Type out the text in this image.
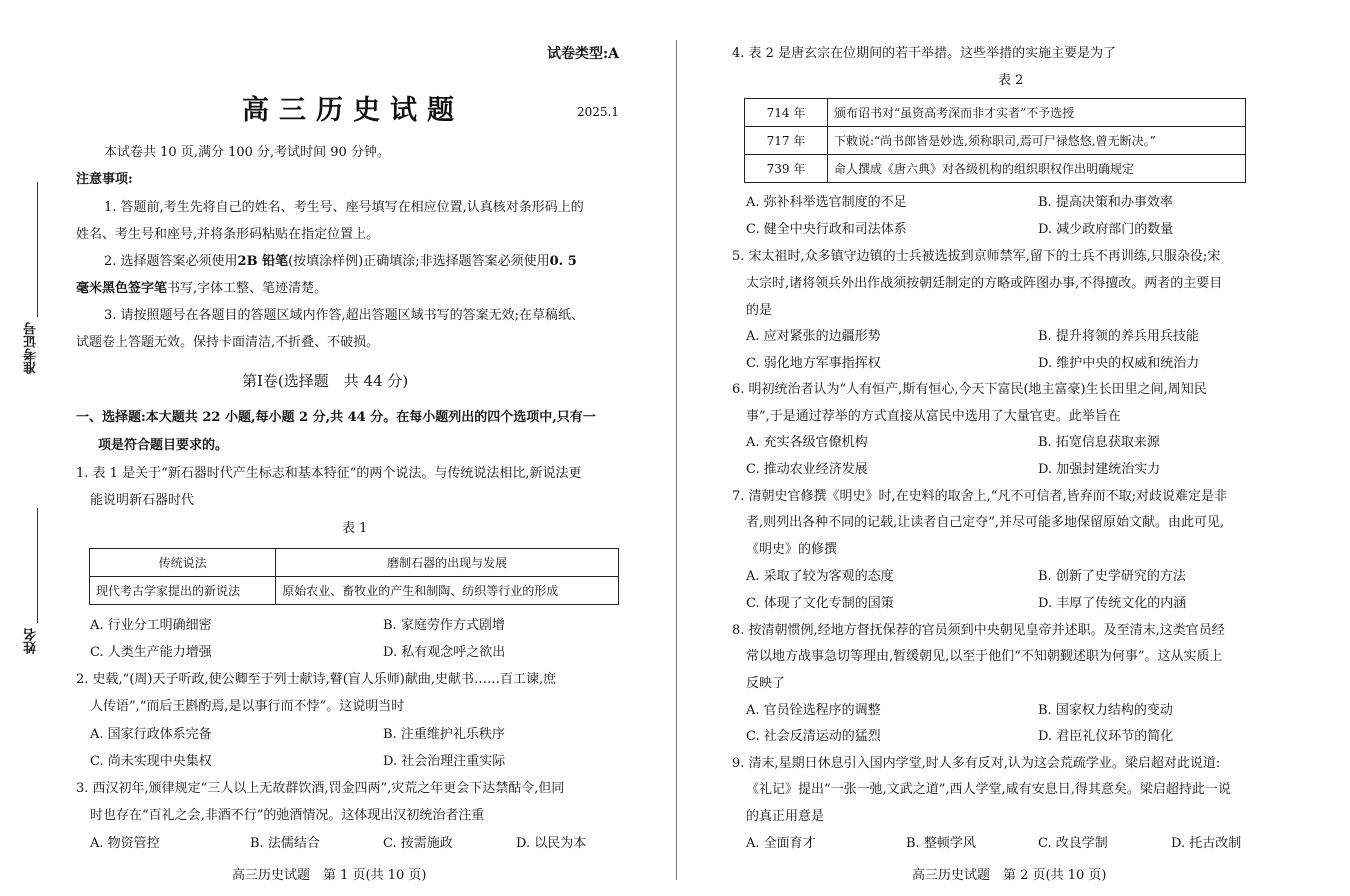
准考证号
姓名
试卷类型:A
高三历史试题	2025.1
本试卷共 10 页,满分 100 分,考试时间 90 分钟。
注意事项:
1. 答题前,考生先将自己的姓名、考生号、座号填写在相应位置,认真核对条形码上的
姓名、考生号和座号,并将条形码粘贴在指定位置上。
2. 选择题答案必须使用2B 铅笔(按填涂样例)正确填涂;非选择题答案必须使用0. 5
毫米黑色签字笔书写,字体工整、笔迹清楚。
3. 请按照题号在各题目的答题区域内作答,超出答题区域书写的答案无效;在草稿纸、
试题卷上答题无效。保持卡面清洁,不折叠、不破损。
第Ⅰ卷(选择题　共 44 分)
一、选择题:本大题共 22 小题,每小题 2 分,共 44 分。在每小题列出的四个选项中,只有一
项是符合题目要求的。
1. 表 1 是关于“新石器时代产生标志和基本特征”的两个说法。与传统说法相比,新说法更
能说明新石器时代
表 1
传统说法	磨制石器的出现与发展
现代考古学家提出的新说法	原始农业、畜牧业的产生和制陶、纺织等行业的形成
A. 行业分工明确细密	B. 家庭劳作方式剧增
C. 人类生产能力增强	D. 私有观念呼之欲出
2. 史载,“(周)天子听政,使公卿至于列士献诗,瞽(盲人乐师)献曲,史献书……百工谏,庶
人传语”,“而后王斟酌焉,是以事行而不悖”。这说明当时
A. 国家行政体系完备	B. 注重维护礼乐秩序
C. 尚未实现中央集权	D. 社会治理注重实际
3. 西汉初年,颁律规定“三人以上无故群饮酒,罚金四两”,灾荒之年更会下达禁酤令,但同
时也存在“百礼之会,非酒不行”的弛酒情况。这体现出汉初统治者注重
A. 物资管控	B. 法儒结合	C. 按需施政	D. 以民为本
高三历史试题　第 1 页(共 10 页)
4. 表 2 是唐玄宗在位期间的若干举措。这些举措的实施主要是为了
表 2
714 年	颁布诏书对“虽资高考深而非才实者”不予选授
717 年	下敕说:“尚书郎皆是妙选,须称职司,焉可尸禄悠悠,曾无断决。”
739 年	命人撰成《唐六典》对各级机构的组织职权作出明确规定
A. 弥补科举选官制度的不足	B. 提高决策和办事效率
C. 健全中央行政和司法体系	D. 减少政府部门的数量
5. 宋太祖时,众多镇守边镇的士兵被选拔到京师禁军,留下的士兵不再训练,只服杂役;宋
太宗时,诸将领兵外出作战须按朝廷制定的方略或阵图办事,不得擅改。两者的主要目
的是
A. 应对紧张的边疆形势	B. 提升将领的养兵用兵技能
C. 弱化地方军事指挥权	D. 维护中央的权威和统治力
6. 明初统治者认为“人有恒产,斯有恒心,今天下富民(地主富豪)生长田里之间,周知民
事”,于是通过荐举的方式直接从富民中选用了大量官吏。此举旨在
A. 充实各级官僚机构	B. 拓宽信息获取来源
C. 推动农业经济发展	D. 加强封建统治实力
7. 清朝史官修撰《明史》时,在史料的取舍上,“凡不可信者,皆弃而不取;对歧说难定是非
者,则列出各种不同的记载,让读者自己定夺”,并尽可能多地保留原始文献。由此可见,
《明史》的修撰
A. 采取了较为客观的态度	B. 创新了史学研究的方法
C. 体现了文化专制的国策	D. 丰厚了传统文化的内涵
8. 按清朝惯例,经地方督抚保荐的官员须到中央朝见皇帝并述职。及至清末,这类官员经
常以地方战事急切等理由,暂缓朝见,以至于他们“不知朝觐述职为何事”。这从实质上
反映了
A. 官员铨选程序的调整	B. 国家权力结构的变动
C. 社会反清运动的猛烈	D. 君臣礼仪环节的简化
9. 清末,星期日休息引入国内学堂,时人多有反对,认为这会荒疏学业。梁启超对此说道:
《礼记》提出“一张一弛,文武之道”,西人学堂,咸有安息日,得其意矣。梁启超持此一说
的真正用意是
A. 全面育才	B. 整顿学风	C. 改良学制	D. 托古改制
高三历史试题　第 2 页(共 10 页)
